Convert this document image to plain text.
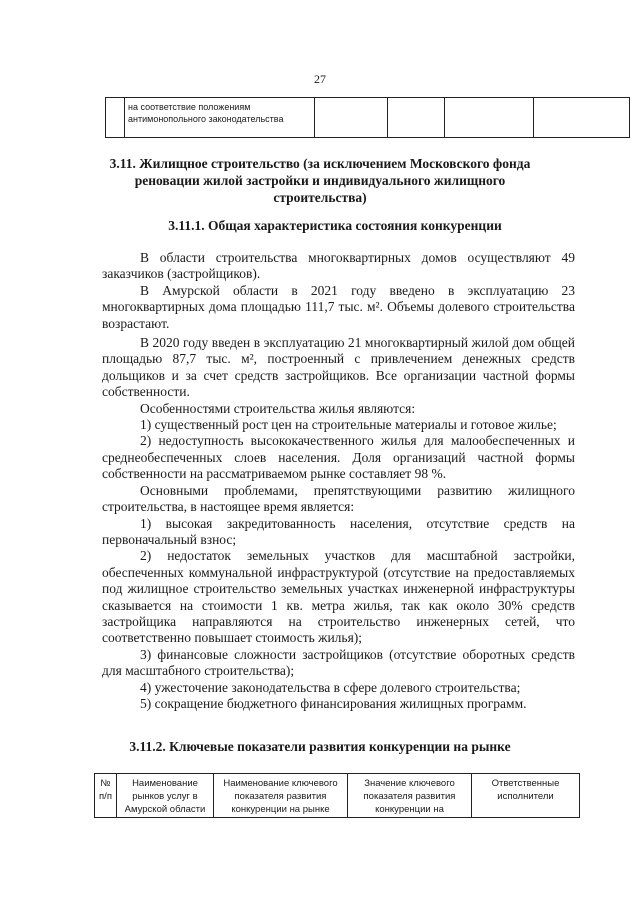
27
	на соответствие положениям антимонопольного законодательства				
3.11. Жилищное строительство (за исключением Московского фонда реновации жилой застройки и индивидуального жилищного строительства)
3.11.1. Общая характеристика состояния конкуренции

В области строительства многоквартирных домов осуществляют 49 заказчиков (застройщиков).

В Амурской области в 2021 году введено в эксплуатацию 23 многоквартирных дома площадью 111,7 тыс. м². Объемы долевого строительства возрастают.

В 2020 году введен в эксплуатацию 21 многоквартирный жилой дом общей площадью 87,7 тыс. м², построенный с привлечением денежных средств дольщиков и за счет средств застройщиков. Все организации частной формы собственности.

Особенностями строительства жилья являются:

1) существенный рост цен на строительные материалы и готовое жилье;

2) недоступность высококачественного жилья для малообеспеченных и среднеобеспеченных слоев населения. Доля организаций частной формы собственности на рассматриваемом рынке составляет 98 %.

Основными проблемами, препятствующими развитию жилищного строительства, в настоящее время является:

1) высокая закредитованность населения, отсутствие средств на первоначальный взнос;

2) недостаток земельных участков для масштабной застройки, обеспеченных коммунальной инфраструктурой (отсутствие на предоставляемых под жилищное строительство земельных участках инженерной инфраструктуры сказывается на стоимости 1 кв. метра жилья, так как около 30% средств застройщика направляются на строительство инженерных сетей, что соответственно повышает стоимость жилья);

3) финансовые сложности застройщиков (отсутствие оборотных средств для масштабного строительства);

4) ужесточение законодательства в сфере долевого строительства;

5) сокращение бюджетного финансирования жилищных программ.

3.11.2. Ключевые показатели развития конкуренции на рынке
№ п/п	Наименование рынков услуг в Амурской области	Наименование ключевого показателя развития конкуренции на рынке	Значение ключевого показателя развития конкуренции на	Ответственные исполнители
